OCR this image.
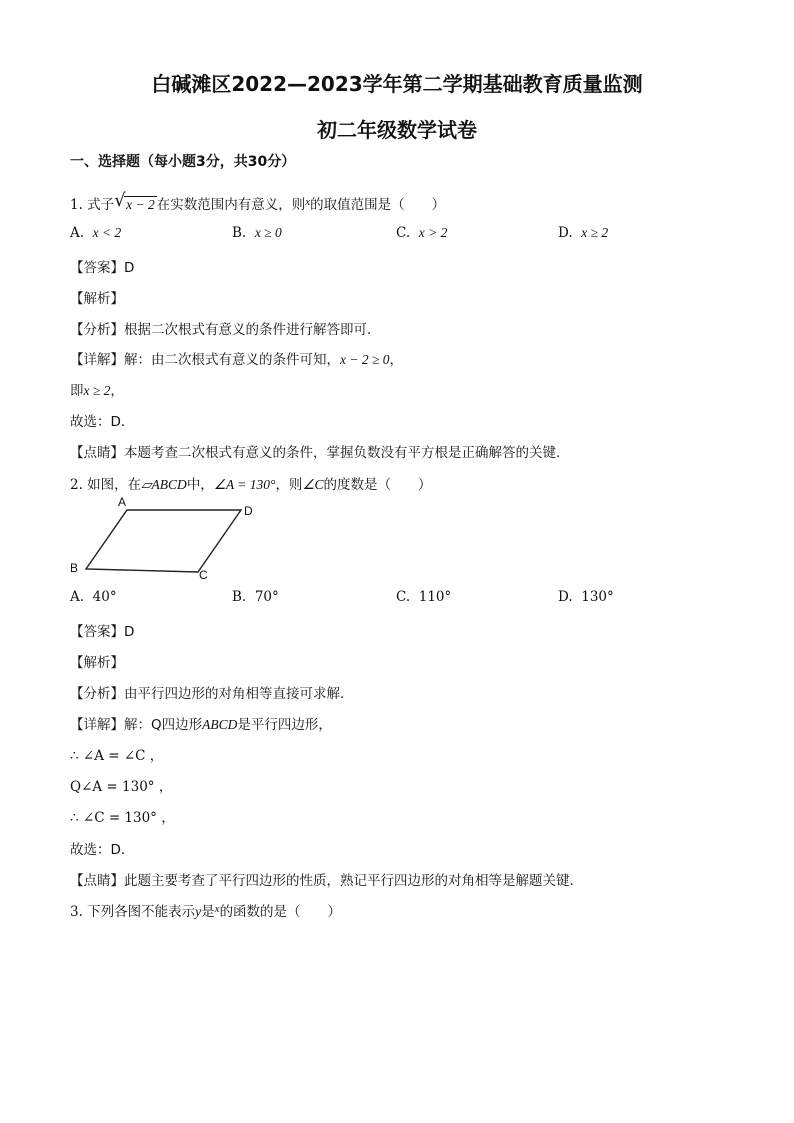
白碱滩区2022—2023学年第二学期基础教育质量监测
初二年级数学试卷
一、选择题（每小题3分，共30分）
1. 式子 √ x − 2 在实数范围内有意义，则$^x$的取值范围是（　　）
A. x < 2	B. x ≥ 0	C. x > 2	D. x ≥ 2
【答案】D
【解析】
【分析】根据二次根式有意义的条件进行解答即可．
【详解】解：由二次根式有意义的条件可知，x − 2 ≥ 0，
即x ≥ 2，
故选：D．
【点睛】本题考查二次根式有意义的条件，掌握负数没有平方根是正确解答的关键．
2. 如图，在▱ABCD中，∠A = 130°，则∠C的度数是（　　）
A
D
B	C
A. 40°	B. 70°	C. 110°	D. 130°
【答案】D
【解析】
【分析】由平行四边形的对角相等直接可求解．
【详解】解：Q四边形ABCD是平行四边形，
∴ ∠A = ∠C ，
Q∠A = 130° ，
∴ ∠C = 130° ，
故选：D．
【点睛】此题主要考查了平行四边形的性质，熟记平行四边形的对角相等是解题关键．
3. 下列各图不能表示y是$^x$的函数的是（　　）
